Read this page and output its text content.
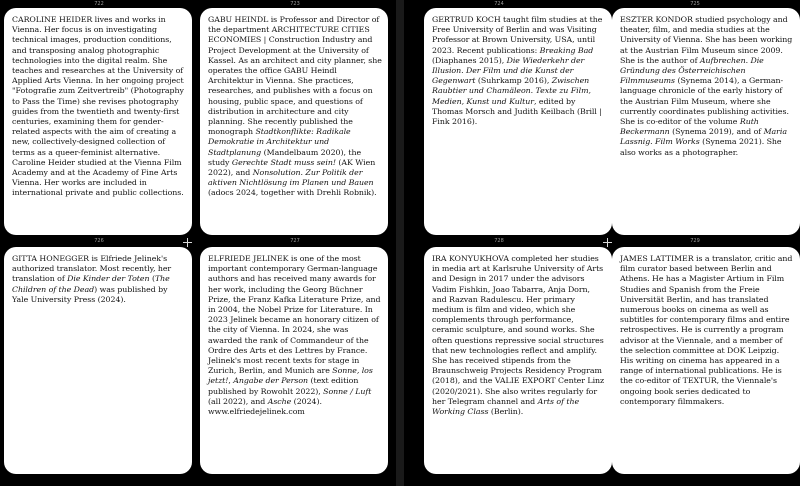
722	723	724	725
726	727	728	729

CAROLINE HEIDER lives and works in Vienna. Her focus is on investigating technical images, production conditions, and transposing analog photographic technologies into the digital realm. She teaches and researches at the University of Applied Arts Vienna. In her ongoing project "Fotografie zum Zeitvertreib" (Photography to Pass the Time) she revises photography guides from the twentieth and twenty-first centuries, examining them for gender-related aspects with the aim of creating a new, collectively-designed collection of terms as a queer-feminist alternative. Caroline Heider studied at the Vienna Film Academy and at the Academy of Fine Arts Vienna. Her works are included in international private and public collections.

GABU HEINDL is Professor and Director of the department ARCHITECTURE CITIES ECONOMIES | Construction Industry and Project Development at the University of Kassel. As an architect and city planner, she operates the office GABU Heindl Architektur in Vienna. She practices, researches, and publishes with a focus on housing, public space, and questions of distribution in architecture and city planning. She recently published the monograph Stadtkonflikte: Radikale Demokratie in Architektur und Stadtplanung (Mandelbaum 2020), the study Gerechte Stadt muss sein! (AK Wien 2022), and Nonsolution. Zur Politik der aktiven Nichtlösung im Planen und Bauen (adocs 2024, together with Drehli Robnik).

GERTRUD KOCH taught film studies at the Free University of Berlin and was Visiting Professor at Brown University, USA, until 2023. Recent publications: Breaking Bad (Diaphanes 2015), Die Wiederkehr der Illusion. Der Film und die Kunst der Gegenwart (Suhrkamp 2016), Zwischen Raubtier und Chamäleon. Texte zu Film, Medien, Kunst und Kultur, edited by Thomas Morsch and Judith Keilbach (Brill | Fink 2016).

ESZTER KONDOR studied psychology and theater, film, and media studies at the University of Vienna. She has been working at the Austrian Film Museum since 2009. She is the author of Aufbrechen. Die Gründung des Österreichischen Filmmuseums (Synema 2014), a German-language chronicle of the early history of the Austrian Film Museum, where she currently coordinates publishing activities. She is co-editor of the volume Ruth Beckermann (Synema 2019), and of Maria Lassnig. Film Works (Synema 2021). She also works as a photographer.

GITTA HONEGGER is Elfriede Jelinek's authorized translator. Most recently, her translation of Die Kinder der Toten (The Children of the Dead) was published by Yale University Press (2024).

ELFRIEDE JELINEK is one of the most important contemporary German-language authors and has received many awards for her work, including the Georg Büchner Prize, the Franz Kafka Literature Prize, and in 2004, the Nobel Prize for Literature. In 2023 Jelinek became an honorary citizen of the city of Vienna. In 2024, she was awarded the rank of Commandeur of the Ordre des Arts et des Lettres by France. Jelinek's most recent texts for stage in Zurich, Berlin, and Munich are Sonne, los jetzt!, Angabe der Person (text edition published by Rowohlt 2022), Sonne / Luft (all 2022), and Asche (2024). www.elfriedejelinek.com

IRA KONYUKHOVA completed her studies in media art at Karlsruhe University of Arts and Design in 2017 under the advisors Vadim Fishkin, Joao Tabarra, Anja Dorn, and Razvan Radulescu. Her primary medium is film and video, which she complements through performance, ceramic sculpture, and sound works. She often questions repressive social structures that new technologies reflect and amplify. She has received stipends from the Braunschweig Projects Residency Program (2018), and the VALIE EXPORT Center Linz (2020/2021). She also writes regularly for her Telegram channel and Arts of the Working Class (Berlin).

JAMES LATTIMER is a translator, critic and film curator based between Berlin and Athens. He has a Magister Artium in Film Studies and Spanish from the Freie Universität Berlin, and has translated numerous books on cinema as well as subtitles for contemporary films and entire retrospectives. He is currently a program advisor at the Viennale, and a member of the selection committee at DOK Leipzig. His writing on cinema has appeared in a range of international publications. He is the co-editor of TEXTUR, the Viennale's ongoing book series dedicated to contemporary filmmakers.
